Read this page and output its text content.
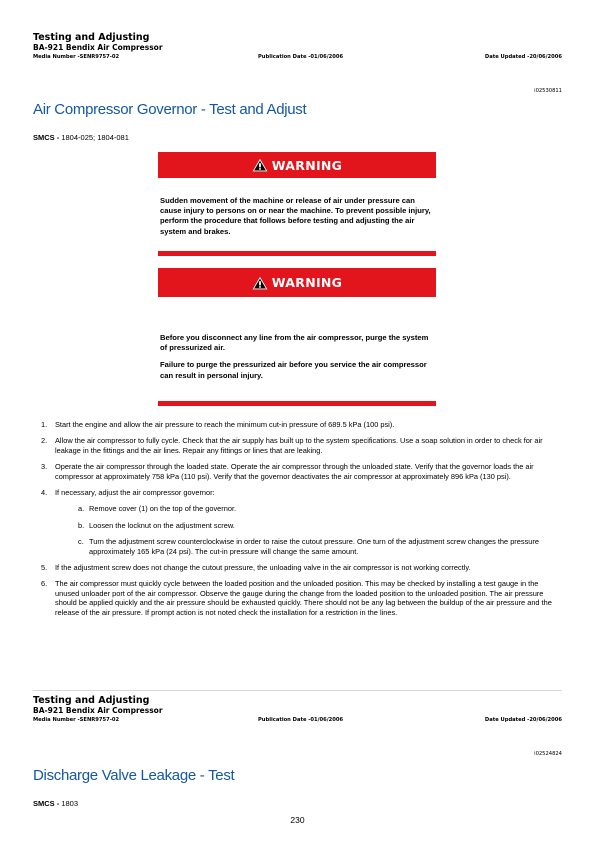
Testing and Adjusting
BA-921 Bendix Air Compressor
Media Number -SENR9757-02	Publication Date -01/06/2006	Date Updated -20/06/2006
i02530811
Air Compressor Governor - Test and Adjust
SMCS - 1804-025; 1804-081
WARNING
Sudden movement of the machine or release of air under pressure can cause injury to persons on or near the machine. To prevent possible injury, perform the procedure that follows before testing and adjusting the air system and brakes.
WARNING
Before you disconnect any line from the air compressor, purge the system of pressurized air.
Failure to purge the pressurized air before you service the air compressor can result in personal injury.
1. Start the engine and allow the air pressure to reach the minimum cut-in pressure of 689.5 kPa (100 psi).
2. Allow the air compressor to fully cycle. Check that the air supply has built up to the system specifications. Use a soap solution in order to check for air leakage in the fittings and the air lines. Repair any fittings or lines that are leaking.
3. Operate the air compressor through the loaded state. Operate the air compressor through the unloaded state. Verify that the governor loads the air compressor at approximately 758 kPa (110 psi). Verify that the governor deactivates the air compressor at approximately 896 kPa (130 psi).
4. If necessary, adjust the air compressor governor:
a. Remove cover (1) on the top of the governor.
b. Loosen the locknut on the adjustment screw.
c. Turn the adjustment screw counterclockwise in order to raise the cutout pressure. One turn of the adjustment screw changes the pressure approximately 165 kPa (24 psi). The cut-in pressure will change the same amount.
5. If the adjustment screw does not change the cutout pressure, the unloading valve in the air compressor is not working correctly.
6. The air compressor must quickly cycle between the loaded position and the unloaded position. This may be checked by installing a test gauge in the unused unloader port of the air compressor. Observe the gauge during the change from the loaded position to the unloaded position. The air pressure should be applied quickly and the air pressure should be exhausted quickly. There should not be any lag between the buildup of the air pressure and the release of the air pressure. If prompt action is not noted check the installation for a restriction in the lines.
Testing and Adjusting
BA-921 Bendix Air Compressor
Media Number -SENR9757-02	Publication Date -01/06/2006	Date Updated -20/06/2006
i02524824
Discharge Valve Leakage - Test
SMCS - 1803
230
